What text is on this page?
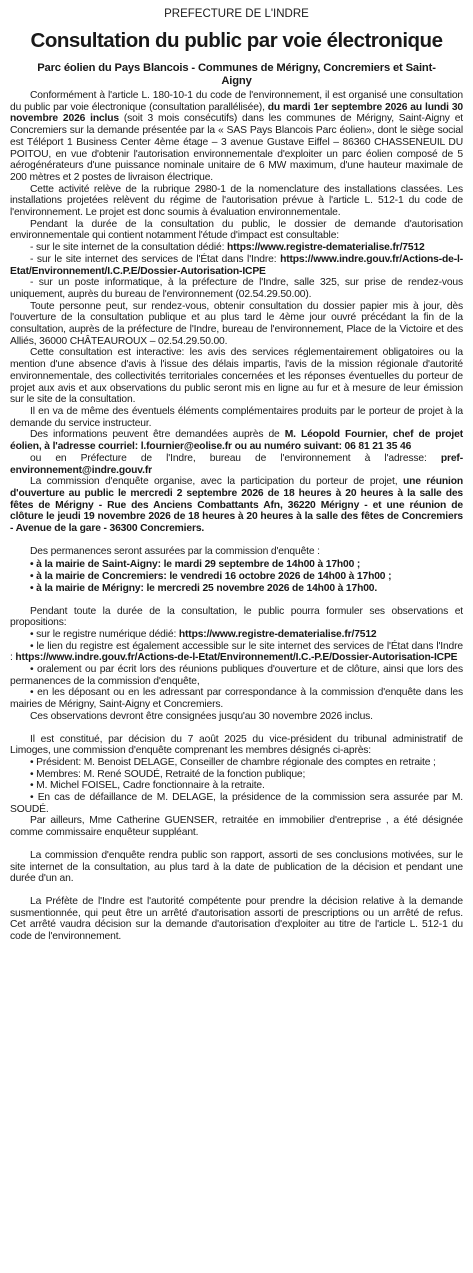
PREFECTURE DE L'INDRE
Consultation du public par voie électronique
Parc éolien du Pays Blancois - Communes de Mérigny, Concremiers et Saint-Aigny

Conformément à l'article L. 180-10-1 du code de l'environnement, il est organisé une consultation du public par voie électronique (consultation parallélisée), du mardi 1er septembre 2026 au lundi 30 novembre 2026 inclus (soit 3 mois consécutifs) dans les communes de Mérigny, Saint-Aigny et Concremiers sur la demande présentée par la « SAS Pays Blancois Parc éolien», dont le siège social est Téléport 1 Business Center 4ème étage – 3 avenue Gustave Eiffel – 86360 CHASSENEUIL DU POITOU, en vue d'obtenir l'autorisation environnementale d'exploiter un parc éolien composé de 5 aérogénérateurs d'une puissance nominale unitaire de 6 MW maximum, d'une hauteur maximale de 200 mètres et 2 postes de livraison électrique.

Cette activité relève de la rubrique 2980-1 de la nomenclature des installations classées. Les installations projetées relèvent du régime de l'autorisation prévue à l'article L. 512-1 du code de l'environnement. Le projet est donc soumis à évaluation environnementale.

Pendant la durée de la consultation du public, le dossier de demande d'autorisation environnementale qui contient notamment l'étude d'impact est consultable:

- sur le site internet de la consultation dédié: https://www.registre-dematerialise.fr/7512

- sur le site internet des services de l'État dans l'Indre: https://www.indre.gouv.fr/Actions-de-l-Etat/Environnement/I.C.P.E/Dossier-Autorisation-ICPE

- sur un poste informatique, à la préfecture de l'Indre, salle 325, sur prise de rendez-vous uniquement, auprès du bureau de l'environnement (02.54.29.50.00).

Toute personne peut, sur rendez-vous, obtenir consultation du dossier papier mis à jour, dès l'ouverture de la consultation publique et au plus tard le 4ème jour ouvré précédant la fin de la consultation, auprès de la préfecture de l'Indre, bureau de l'environnement, Place de la Victoire et des Alliés, 36000 CHÂTEAUROUX – 02.54.29.50.00.

Cette consultation est interactive: les avis des services réglementairement obligatoires ou la mention d'une absence d'avis à l'issue des délais impartis, l'avis de la mission régionale d'autorité environnementale, des collectivités territoriales concernées et les réponses éventuelles du porteur de projet aux avis et aux observations du public seront mis en ligne au fur et à mesure de leur émission sur le site de la consultation.

Il en va de même des éventuels éléments complémentaires produits par le porteur de projet à la demande du service instructeur.

Des informations peuvent être demandées auprès de M. Léopold Fournier, chef de projet éolien, à l'adresse courriel: l.fournier@eolise.fr ou au numéro suivant: 06 81 21 35 46

ou en Préfecture de l'Indre, bureau de l'environnement à l'adresse: pref-environnement@indre.gouv.fr

La commission d'enquête organise, avec la participation du porteur de projet, une réunion d'ouverture au public le mercredi 2 septembre 2026 de 18 heures à 20 heures à la salle des fêtes de Mérigny - Rue des Anciens Combattants Afn, 36220 Mérigny - et une réunion de clôture le jeudi 19 novembre 2026 de 18 heures à 20 heures à la salle des fêtes de Concremiers - Avenue de la gare - 36300 Concremiers.

Des permanences seront assurées par la commission d'enquête :

• à la mairie de Saint-Aigny: le mardi 29 septembre de 14h00 à 17h00 ;
• à la mairie de Concremiers: le vendredi 16 octobre 2026 de 14h00 à 17h00 ;
• à la mairie de Mérigny: le mercredi 25 novembre 2026 de 14h00 à 17h00.

Pendant toute la durée de la consultation, le public pourra formuler ses observations et propositions:

• sur le registre numérique dédié: https://www.registre-dematerialise.fr/7512

• le lien du registre est également accessible sur le site internet des services de l'État dans l'Indre : https://www.indre.gouv.fr/Actions-de-l-Etat/Environnement/I.C.-P.E/Dossier-Autorisation-ICPE

• oralement ou par écrit lors des réunions publiques d'ouverture et de clôture, ainsi que lors des permanences de la commission d'enquête,

• en les déposant ou en les adressant par correspondance à la commission d'enquête dans les mairies de Mérigny, Saint-Aigny et Concremiers.

Ces observations devront être consignées jusqu'au 30 novembre 2026 inclus.

Il est constitué, par décision du 7 août 2025 du vice-président du tribunal administratif de Limoges, une commission d'enquête comprenant les membres désignés ci-après:

• Président: M. Benoist DELAGE, Conseiller de chambre régionale des comptes en retraite ;

• Membres: M. René SOUDÉ, Retraité de la fonction publique;

• M. Michel FOISEL, Cadre fonctionnaire à la retraite.

• En cas de défaillance de M. DELAGE, la présidence de la commission sera assurée par M. SOUDÉ.

Par ailleurs, Mme Catherine GUENSER, retraitée en immobilier d'entreprise , a été désignée comme commissaire enquêteur suppléant.

La commission d'enquête rendra public son rapport, assorti de ses conclusions motivées, sur le site internet de la consultation, au plus tard à la date de publication de la décision et pendant une durée d'un an.

La Préfète de l'Indre est l'autorité compétente pour prendre la décision relative à la demande susmentionnée, qui peut être un arrêté d'autorisation assorti de prescriptions ou un arrêté de refus. Cet arrêté vaudra décision sur la demande d'autorisation d'exploiter au titre de l'article L. 512-1 du code de l'environnement.
